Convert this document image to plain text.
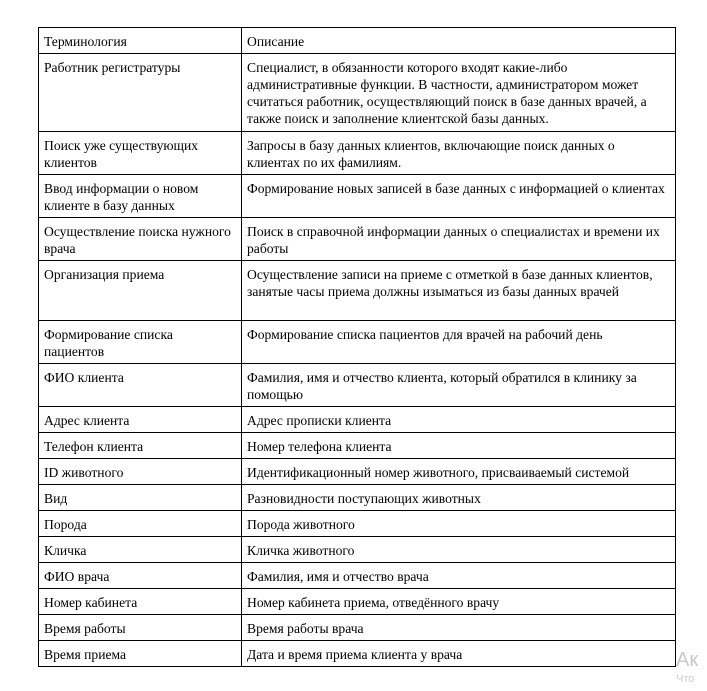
Терминология	Описание
Работник регистратуры	Специалист, в обязанности которого входят какие-либо административные функции. В частности, администратором может считаться работник, осуществляющий поиск в базе данных врачей, а также поиск и заполнение клиентской базы данных.
Поиск уже существующих клиентов	Запросы в базу данных клиентов, включающие поиск данных о клиентах по их фамилиям.
Ввод информации о новом клиенте в базу данных	Формирование новых записей в базе данных с информацией о клиентах
Осуществление поиска нужного врача	Поиск в справочной информации данных о специалистах и времени их работы
Организация приема	Осуществление записи на приеме с отметкой в базе данных клиентов, занятые часы приема должны изыматься из базы данных врачей
Формирование списка пациентов	Формирование списка пациентов для врачей на рабочий день
ФИО клиента	Фамилия, имя и отчество клиента, который обратился в клинику за помощью
Адрес клиента	Адрес прописки клиента
Телефон клиента	Номер телефона клиента
ID животного	Идентификационный номер животного, присваиваемый системой
Вид	Разновидности поступающих животных
Порода	Порода животного
Кличка	Кличка животного
ФИО врача	Фамилия, имя и отчество врача
Номер кабинета	Номер кабинета приема, отведённого врачу
Время работы	Время работы врача
Время приема	Дата и время приема клиента у врача	Ак
Что
